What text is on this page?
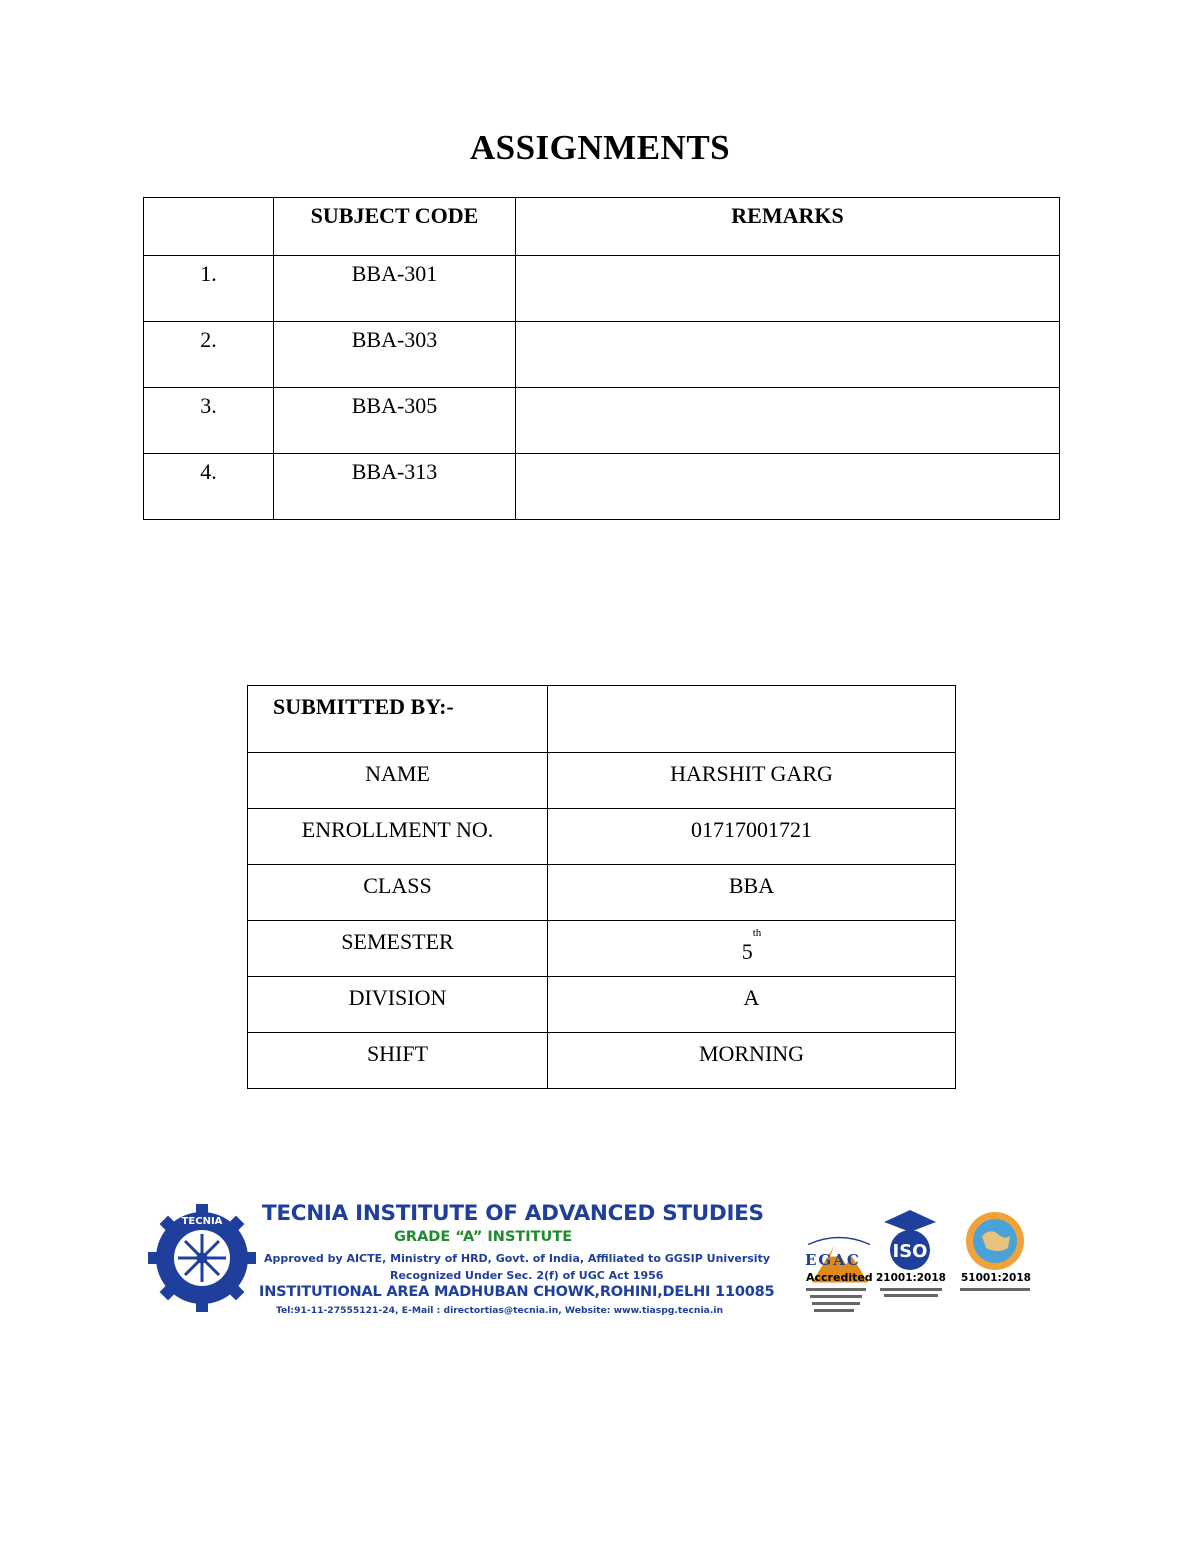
ASSIGNMENTS
	SUBJECT CODE	REMARKS
1.	BBA-301	
2.	BBA-303	
3.	BBA-305	
4.	BBA-313	
SUBMITTED BY:-	
NAME	HARSHIT GARG
ENROLLMENT NO.	01717001721
CLASS	BBA
SEMESTER	5th
DIVISION	A
SHIFT	MORNING
TECNIA TECNIA INSTITUTE OF ADVANCED STUDIES
GRADE “A” INSTITUTE
Approved by AICTE, Ministry of HRD, Govt. of India, Affiliated to GGSIP University
Recognized Under Sec. 2(f) of UGC Act 1956
INSTITUTIONAL AREA MADHUBAN CHOWK,ROHINI,DELHI 110085
Tel:91-11-27555121-24, E-Mail : directortias@tecnia.in, Website: www.tiaspg.tecnia.in
EGAC
Accredited
ISO
21001:2018 51001:2018
